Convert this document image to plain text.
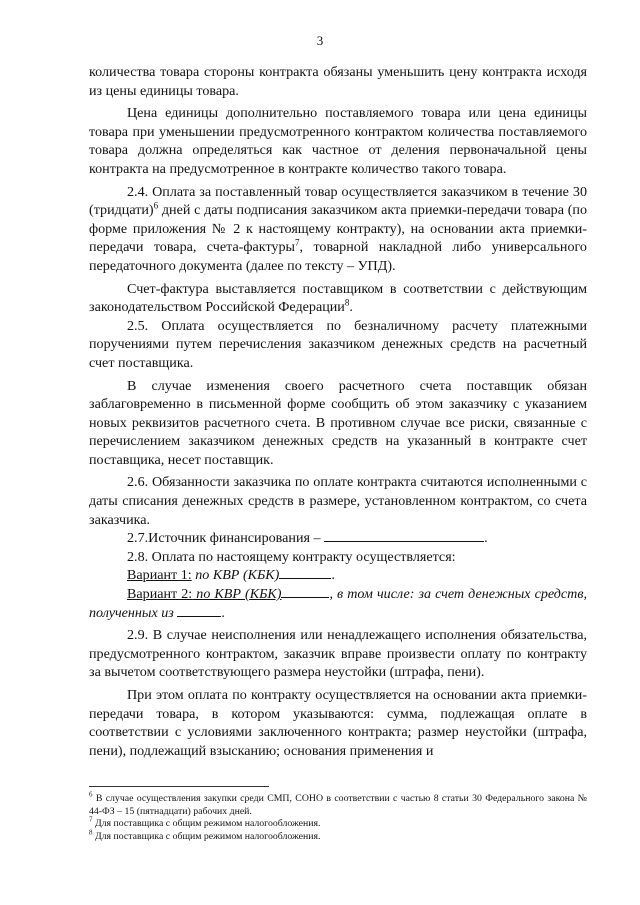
3

количества товара стороны контракта обязаны уменьшить цену контракта исходя из цены единицы товара.

Цена единицы дополнительно поставляемого товара или цена единицы товара при уменьшении предусмотренного контрактом количества поставляемого товара должна определяться как частное от деления первоначальной цены контракта на предусмотренное в контракте количество такого товара.

2.4. Оплата за поставленный товар осуществляется заказчиком в течение 30 (тридцати)$^6$ дней с даты подписания заказчиком акта приемки-передачи товара (по форме приложения № 2 к настоящему контракту), на основании акта приемки-передачи товара, счета-фактуры$^7$, товарной накладной либо универсального передаточного документа (далее по тексту – УПД).

Счет-фактура выставляется поставщиком в соответствии с действующим законодательством Российской Федерации$^8$.

2.5. Оплата осуществляется по безналичному расчету платежными поручениями путем перечисления заказчиком денежных средств на расчетный счет поставщика.

В случае изменения своего расчетного счета поставщик обязан заблаговременно в письменной форме сообщить об этом заказчику с указанием новых реквизитов расчетного счета. В противном случае все риски, связанные с перечислением заказчиком денежных средств на указанный в контракте счет поставщика, несет поставщик.

2.6. Обязанности заказчика по оплате контракта считаются исполненными с даты списания денежных средств в размере, установленном контрактом, со счета заказчика.

2.7.Источник финансирования –	.

2.8. Оплата по настоящему контракту осуществляется:

Вариант 1: по КВР (КБК)	.

Вариант 2: по КВР (КБК)	, в том числе: за счет денежных средств, полученных из	.

2.9. В случае неисполнения или ненадлежащего исполнения обязательства, предусмотренного контрактом, заказчик вправе произвести оплату по контракту за вычетом соответствующего размера неустойки (штрафа, пени).

При этом оплата по контракту осуществляется на основании акта приемки-передачи товара, в котором указываются: сумма, подлежащая оплате в соответствии с условиями заключенного контракта; размер неустойки (штрафа, пени), подлежащий взысканию; основания применения и

$^6$ В случае осуществления закупки среди СМП, СОНО в соответствии с частью 8 статьи 30 Федерального закона № 44-ФЗ – 15 (пятнадцати) рабочих дней.

$^7$ Для поставщика с общим режимом налогообложения.

$^8$ Для поставщика с общим режимом налогообложения.
